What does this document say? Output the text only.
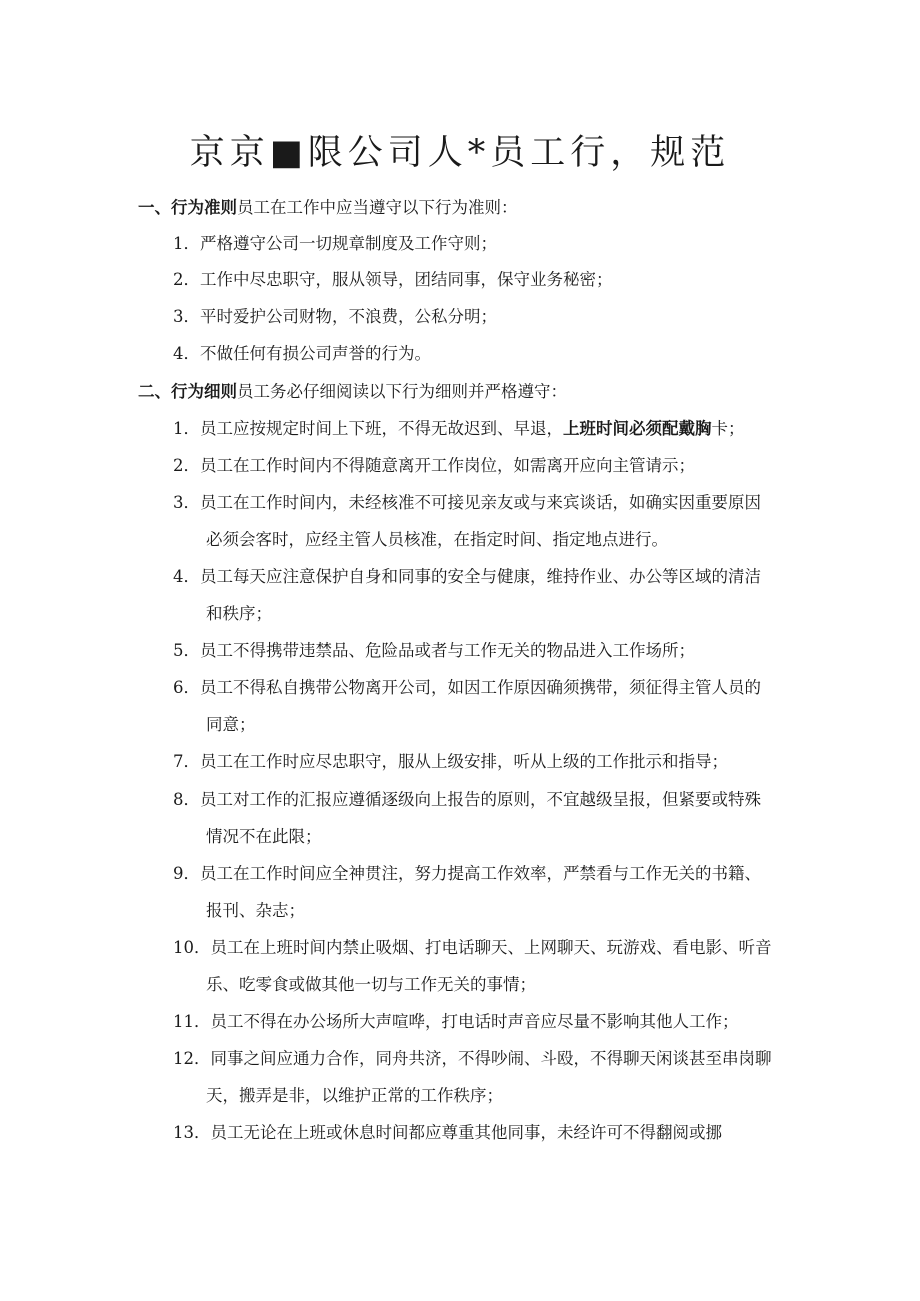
京京■限公司人*员工行，规范
一、行为准则员工在工作中应当遵守以下行为准则：
1．严格遵守公司一切规章制度及工作守则；
2．工作中尽忠职守，服从领导，团结同事，保守业务秘密；
3．平时爱护公司财物，不浪费，公私分明；
4．不做任何有损公司声誉的行为。
二、行为细则员工务必仔细阅读以下行为细则并严格遵守：
1．员工应按规定时间上下班，不得无故迟到、早退，上班时间必须配戴胸卡；
2．员工在工作时间内不得随意离开工作岗位，如需离开应向主管请示；
3．员工在工作时间内，未经核准不可接见亲友或与来宾谈话，如确实因重要原因
必须会客时，应经主管人员核准，在指定时间、指定地点进行。
4．员工每天应注意保护自身和同事的安全与健康，维持作业、办公等区域的清洁
和秩序；
5．员工不得携带违禁品、危险品或者与工作无关的物品进入工作场所；
6．员工不得私自携带公物离开公司，如因工作原因确须携带，须征得主管人员的
同意；
7．员工在工作时应尽忠职守，服从上级安排，听从上级的工作批示和指导；
8．员工对工作的汇报应遵循逐级向上报告的原则，不宜越级呈报，但紧要或特殊
情况不在此限；
9．员工在工作时间应全神贯注，努力提高工作效率，严禁看与工作无关的书籍、
报刊、杂志；
10．员工在上班时间内禁止吸烟、打电话聊天、上网聊天、玩游戏、看电影、听音
乐、吃零食或做其他一切与工作无关的事情；
11．员工不得在办公场所大声喧哗，打电话时声音应尽量不影响其他人工作；
12．同事之间应通力合作，同舟共济，不得吵闹、斗殴，不得聊天闲谈甚至串岗聊
天，搬弄是非，以维护正常的工作秩序；
13．员工无论在上班或休息时间都应尊重其他同事，未经许可不得翻阅或挪
